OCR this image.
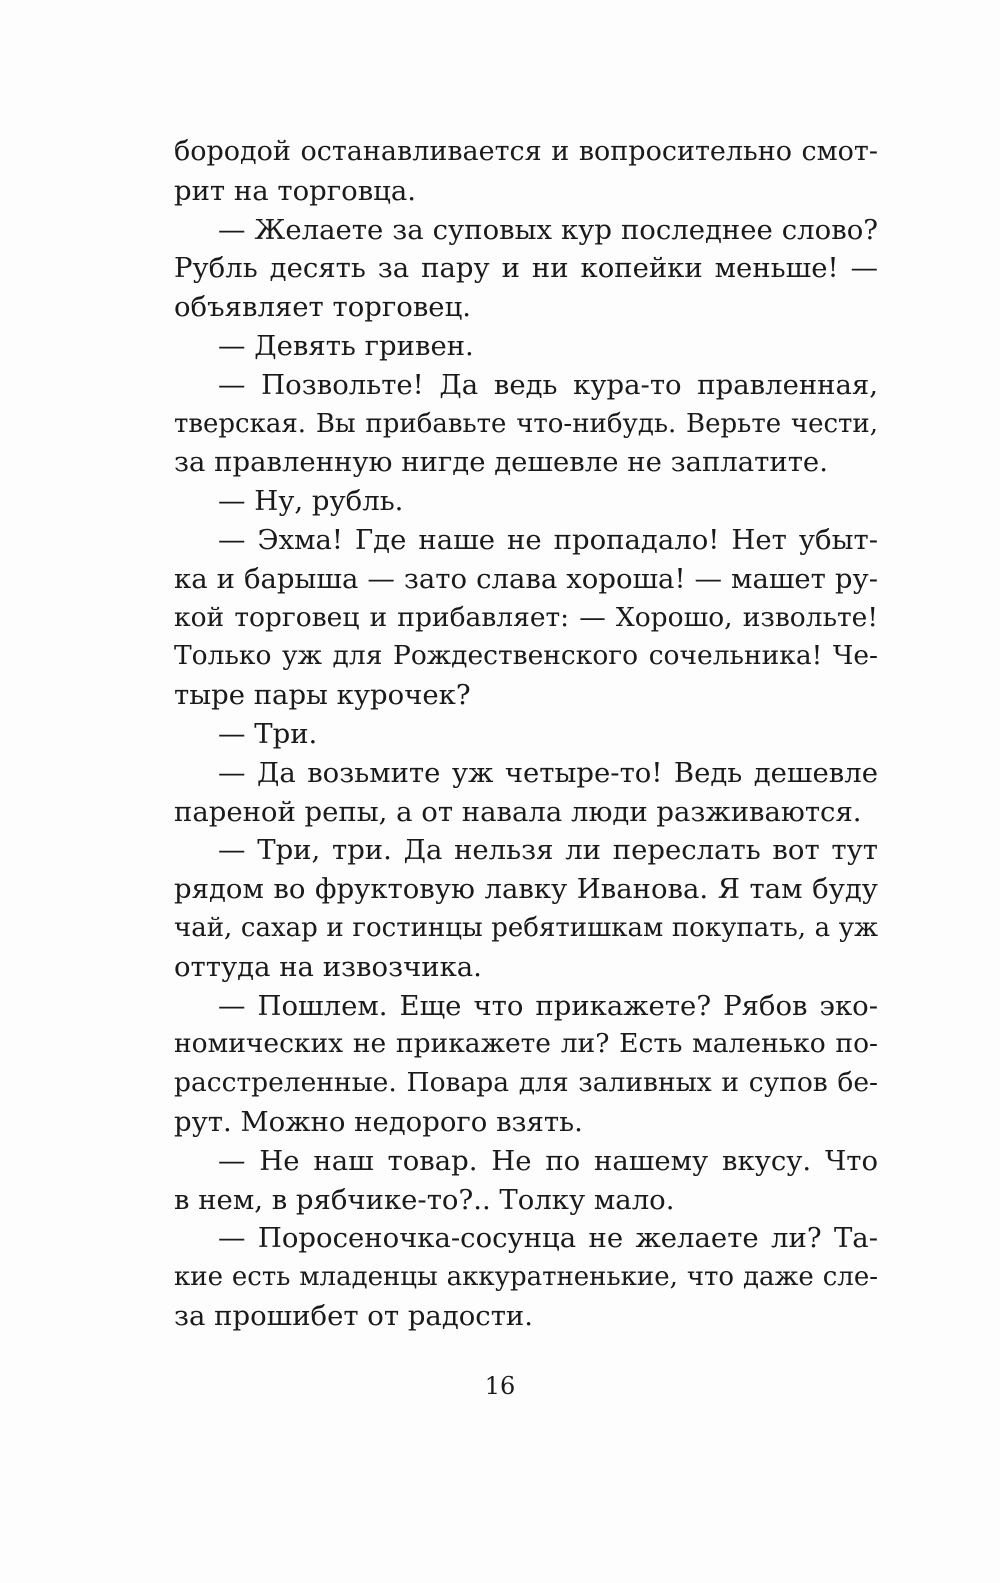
бородой останавливается и вопросительно смот-
рит на торговца.
— Желаете за суповых кур последнее слово?
Рубль десять за пару и ни копейки меньше! —
объявляет торговец.
— Девять гривен.
— Позвольте! Да ведь кура-то правленная,
тверская. Вы прибавьте что-нибудь. Верьте чести,
за правленную нигде дешевле не заплатите.
— Ну, рубль.
— Эхма! Где наше не пропадало! Нет убыт-
ка и барыша — зато слава хороша! — машет ру-
кой торговец и прибавляет: — Хорошо, извольте!
Только уж для Рождественского сочельника! Че-
тыре пары курочек?
— Три.
— Да возьмите уж четыре-то! Ведь дешевле
пареной репы, а от навала люди разживаются.
— Три, три. Да нельзя ли переслать вот тут
рядом во фруктовую лавку Иванова. Я там буду
чай, сахар и гостинцы ребятишкам покупать, а уж
оттуда на извозчика.
— Пошлем. Еще что прикажете? Рябов эко-
номических не прикажете ли? Есть маленько по-
расстреленные. Повара для заливных и супов бе-
рут. Можно недорого взять.
— Не наш товар. Не по нашему вкусу. Что
в нем, в рябчике-то?.. Толку мало.
— Поросеночка-сосунца не желаете ли? Та-
кие есть младенцы аккуратненькие, что даже сле-
за прошибет от радости.
16
